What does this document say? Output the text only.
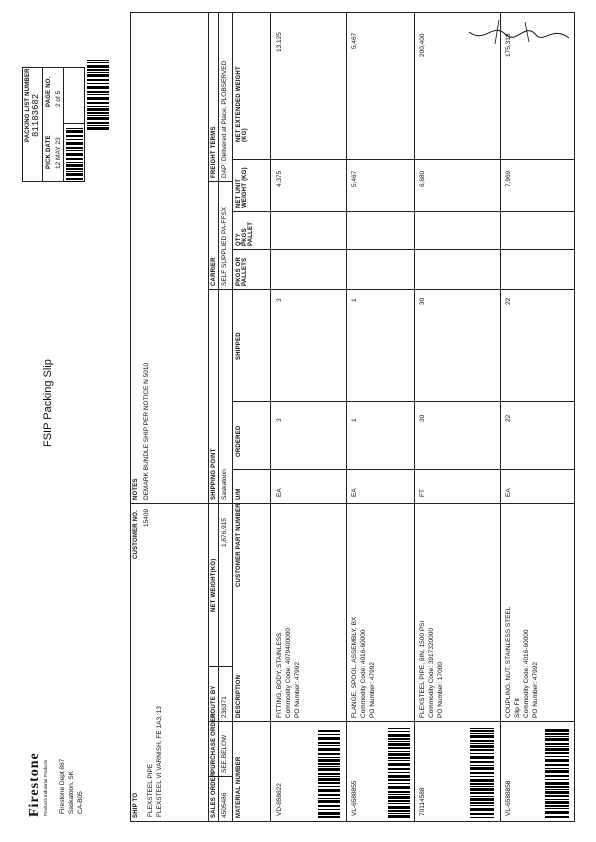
Firestone Products Industrial Products Firestone Dept 867 Saskatoon, SK CA-B05
FSIP Packing Slip
PACKING LIST NUMBER 81183682
PICK DATE 12 MAY 23
PAGE NO. 2 of 5
SHIP TO FLEXSTEEL PIPE FLEXSTEEL VI VARNISH, FE 1A3, 13
CUSTOMER NO. 15409
NOTES DEMARK BUNDLE SHIP PER NOTICE N 5010
SALES ORDER
PURCHASE ORDER
ROUTE BY
NET WEIGHT(KG)
SHIPPING POINT
CARRIER
FREIGHT TERMS
4505486
SEE BELOW
236371
1,876,915
Saskatoon
SELF SUPPLIED PA-FFSX
DAP: Delivered at Place, PLOBSERVED
MATERIAL NUMBER
DESCRIPTION
CUSTOMER PART NUMBER
U/M
ORDERED
SHIPPED
PKGS OR PALLETS
QTY PKGS PALLET
NET UNIT WEIGHT (KG)
NET EXTENDED WEIGHT (KG)
VD-858622
FITTING, BODY, STAINLESS Commodity Code: 4079400000 PO Number: 47992
EA
3
3
4,375
13,125
VL-6588855
FLANGE, SPOOL, ASSEMBLY, BX Commodity Code: 4016-60000 PO Number: 47992
EA
1
1
5,467
5,467
70114588
FLEXSTEEL PIPE, 6IN, 1500 PSI Commodity Code: 3917320000 PO Number: 17000
FT
30
30
6,680
200,400
VL-6588858
COUPLING, NUT, STAINLESS STEEL Slip Fit Commodity Code: 4016-60000 PO Number: 47992
EA
22
22
7,969
175,318
